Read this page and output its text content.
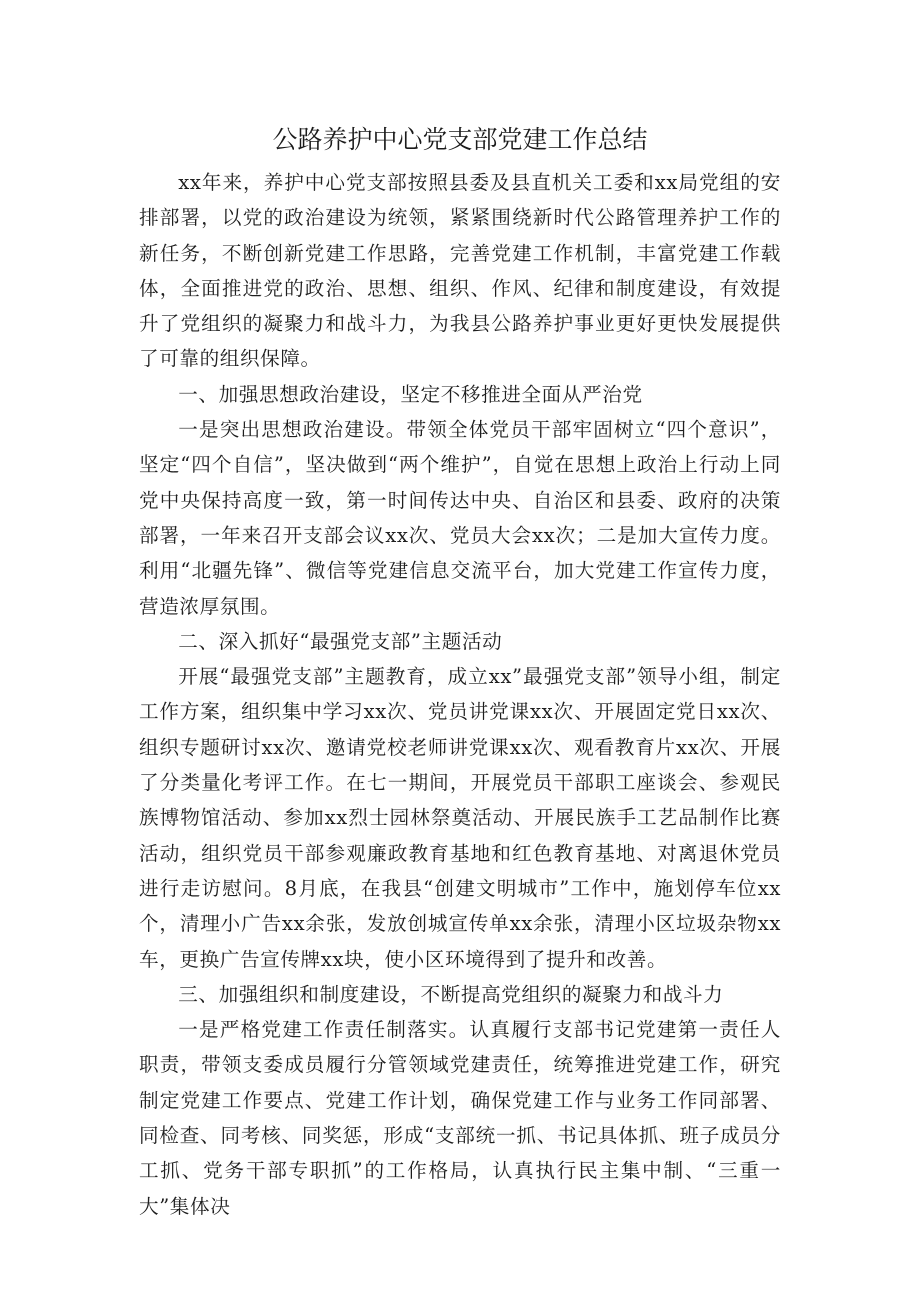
公路养护中心党支部党建工作总结

xx年来，养护中心党支部按照县委及县直机关工委和xx局党组的安排部署，以党的政治建设为统领，紧紧围绕新时代公路管理养护工作的新任务，不断创新党建工作思路，完善党建工作机制，丰富党建工作载体，全面推进党的政治、思想、组织、作风、纪律和制度建设，有效提升了党组织的凝聚力和战斗力，为我县公路养护事业更好更快发展提供了可靠的组织保障。

一、加强思想政治建设，坚定不移推进全面从严治党

一是突出思想政治建设。带领全体党员干部牢固树立“四个意识”，坚定“四个自信”，坚决做到“两个维护”，自觉在思想上政治上行动上同党中央保持高度一致，第一时间传达中央、自治区和县委、政府的决策部署，一年来召开支部会议xx次、党员大会xx次；二是加大宣传力度。利用“北疆先锋”、微信等党建信息交流平台，加大党建工作宣传力度，营造浓厚氛围。

二、深入抓好“最强党支部”主题活动

开展“最强党支部”主题教育，成立xx”最强党支部”领导小组，制定工作方案，组织集中学习xx次、党员讲党课xx次、开展固定党日xx次、组织专题研讨xx次、邀请党校老师讲党课xx次、观看教育片xx次、开展了分类量化考评工作。在七一期间，开展党员干部职工座谈会、参观民族博物馆活动、参加xx烈士园林祭奠活动、开展民族手工艺品制作比赛活动，组织党员干部参观廉政教育基地和红色教育基地、对离退休党员进行走访慰问。8月底，在我县“创建文明城市”工作中，施划停车位xx个，清理小广告xx余张，发放创城宣传单xx余张，清理小区垃圾杂物xx车，更换广告宣传牌xx块，使小区环境得到了提升和改善。

三、加强组织和制度建设，不断提高党组织的凝聚力和战斗力

一是严格党建工作责任制落实。认真履行支部书记党建第一责任人职责，带领支委成员履行分管领域党建责任，统筹推进党建工作，研究制定党建工作要点、党建工作计划，确保党建工作与业务工作同部署、同检查、同考核、同奖惩，形成“支部统一抓、书记具体抓、班子成员分工抓、党务干部专职抓”的工作格局，认真执行民主集中制、“三重一大”集体决
